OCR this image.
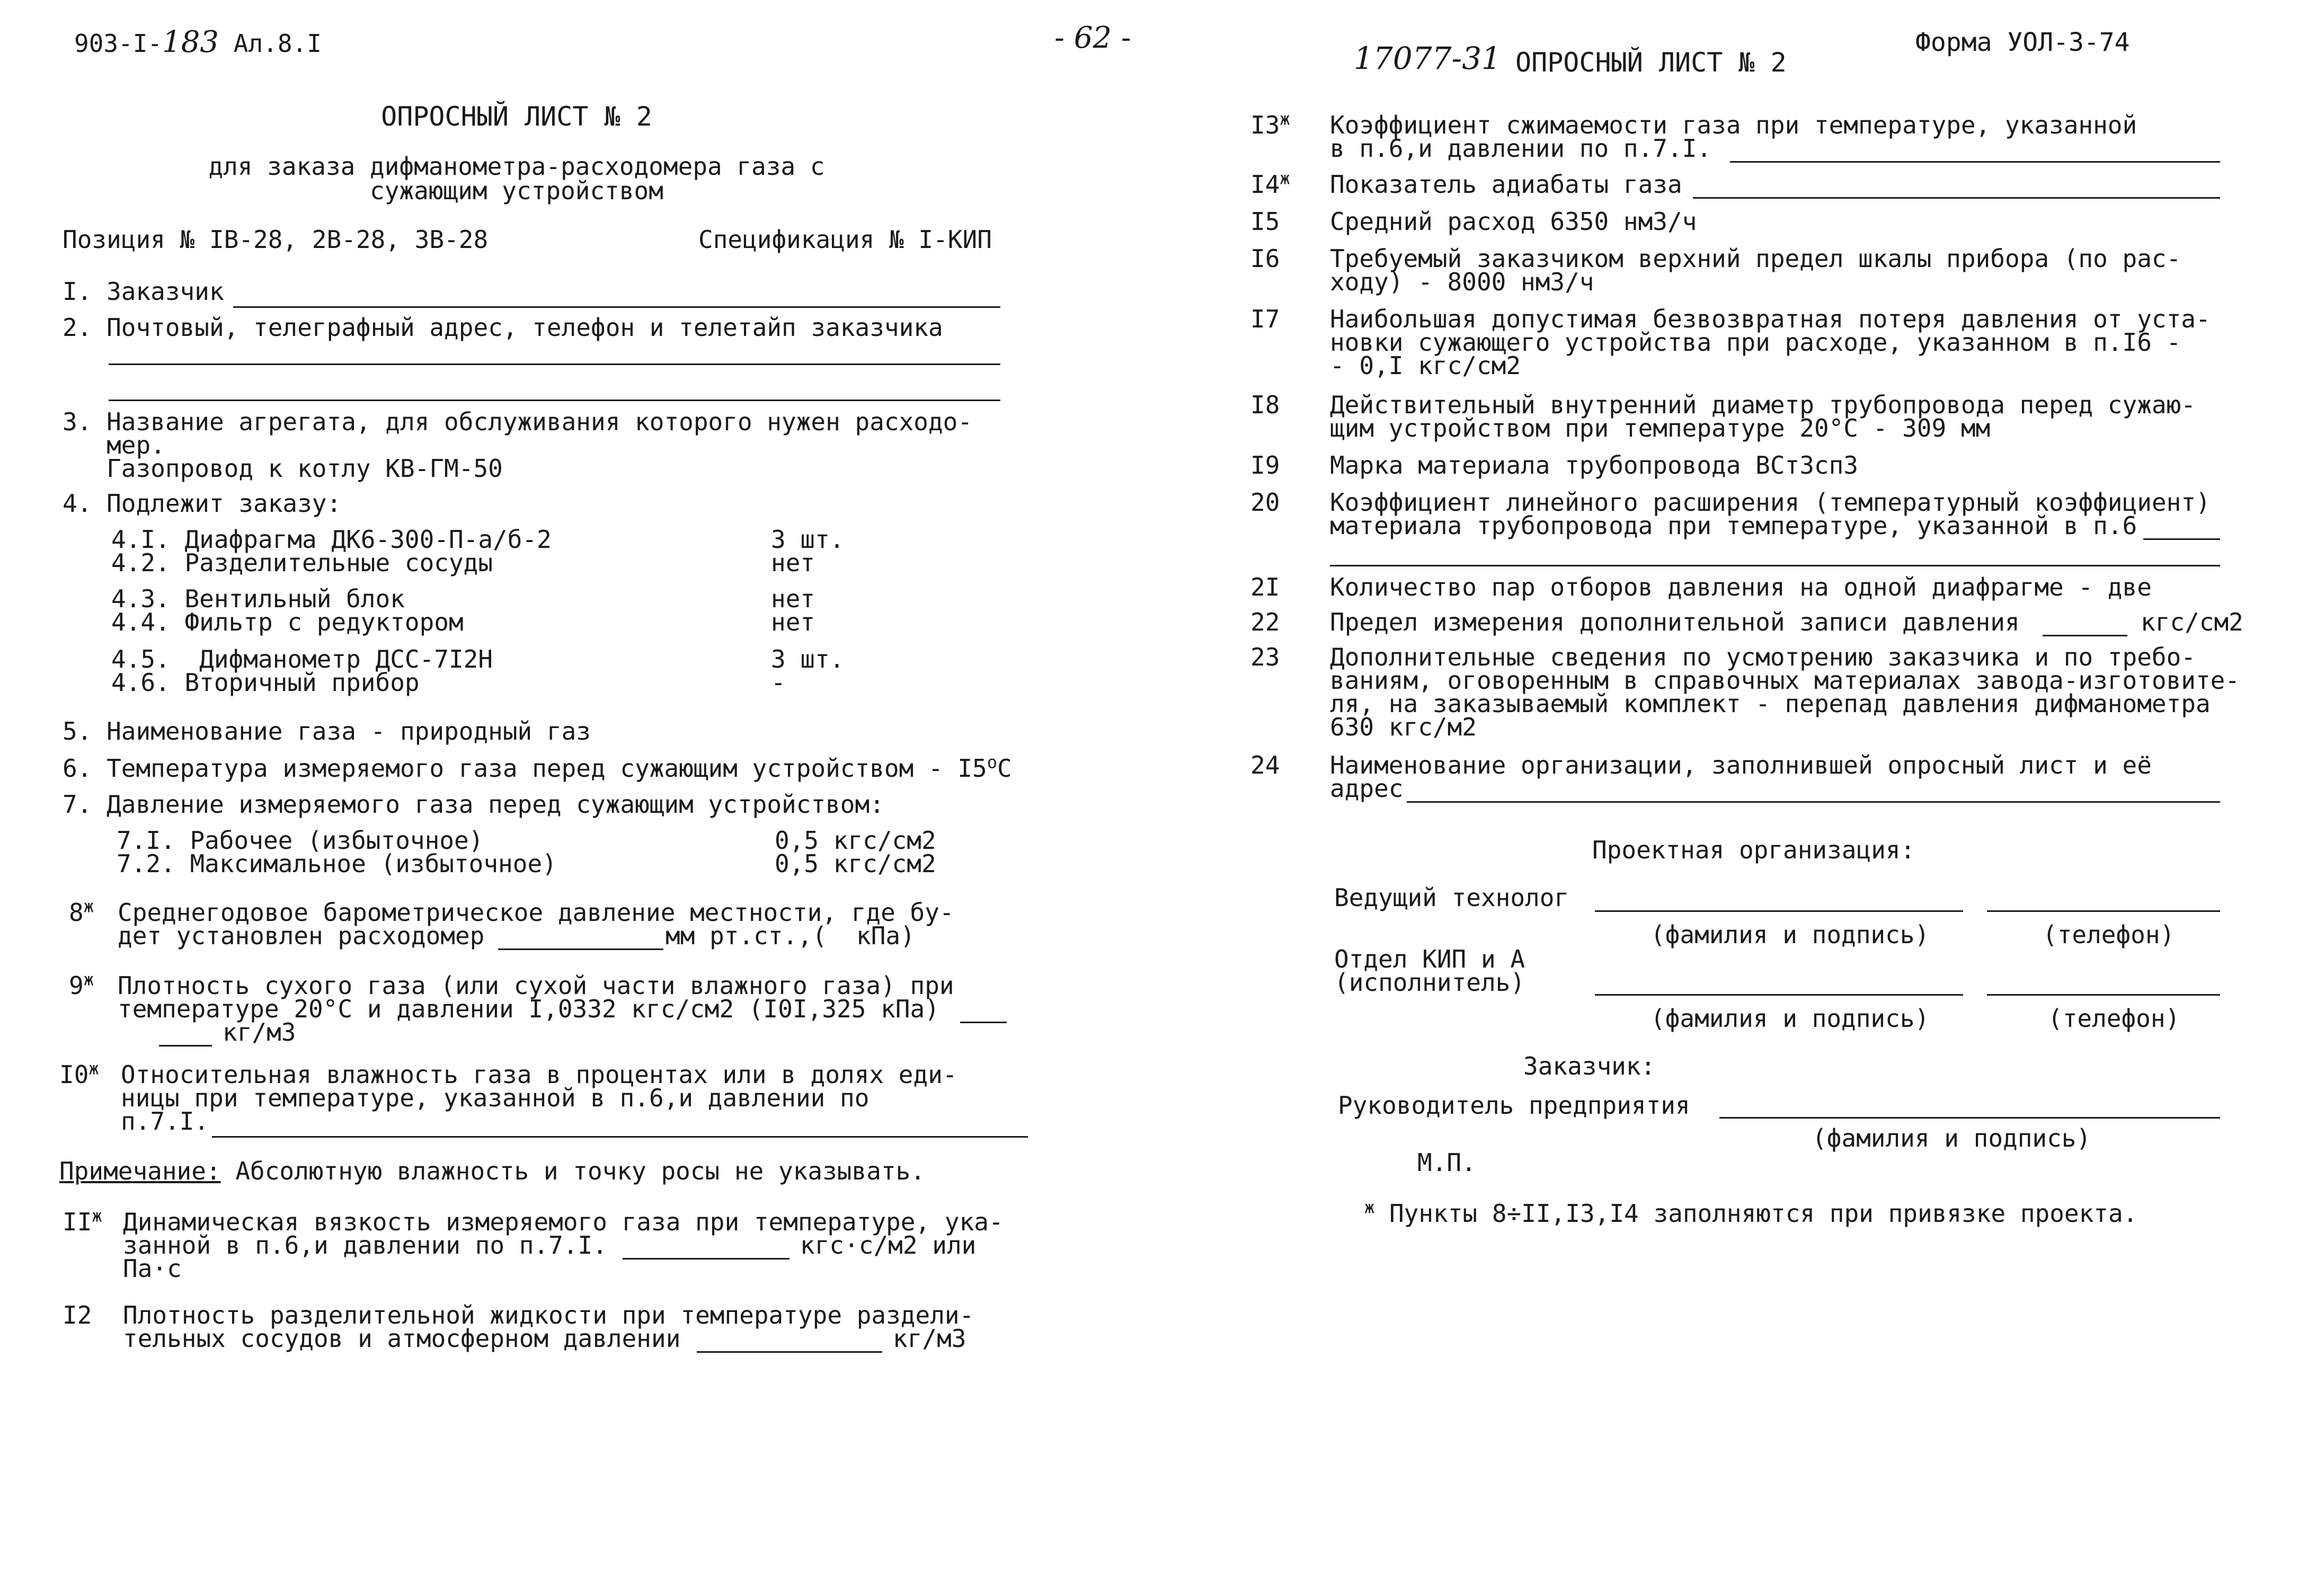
903-I-183 Ал.8.I
ОПРОСНЫЙ ЛИСТ № 2
для заказа дифманометра-расходомера газа с
сужающим устройством
Позиция № IВ-28, 2В-28, 3В-28	Спецификация № I-КИП
I. Заказчик
2. Почтовый, телеграфный адрес, телефон и телетайп заказчика
3. Название агрегата, для обслуживания которого нужен расходо-
мер.
Газопровод к котлу КВ-ГМ-50
4. Подлежит заказу:
4.I. Диафрагма ДК6-300-П-а/б-2	3 шт.
4.2. Разделительные сосуды	нет
4.3. Вентильный блок	нет
4.4. Фильтр с редуктором	нет
4.5.  Дифманометр ДСС-7I2Н	3 шт.
4.6. Вторичный прибор	-
5. Наименование газа - природный газ
6. Температура измеряемого газа перед сужающим устройством - $I5^оС$
7. Давление измеряемого газа перед сужающим устройством:
7.I. Рабочее (избыточное)	0,5 кгс/см2
7.2. Максимальное (избыточное)	0,5 кгс/см2
$8^ж$ Среднегодовое барометрическое давление местности, где бу-
дет установлен расходомер	мм рт.ст.,(  кПа)
$9^ж$ Плотность сухого газа (или сухой части влажного газа) при
температуре 20°С и давлении I,0332 кгс/см2 (I0I,325 кПа)
кг/м3
$I0^ж$ Относительная влажность газа в процентах или в долях еди-
ницы при температуре, указанной в п.6,и давлении по
п.7.I.
Примечание: Абсолютную влажность и точку росы не указывать.
$II^ж$ Динамическая вязкость измеряемого газа при температуре, ука-
занной в п.6,и давлении по п.7.I.	кгс·с/м2 или
Па·с
I2 Плотность разделительной жидкости при температуре раздели-
тельных сосудов и атмосферном давлении	кг/м3
- 62 -
17077-31 ОПРОСНЫЙ ЛИСТ № 2
Форма УОЛ-3-74
$I3^ж$ Коэффициент сжимаемости газа при температуре, указанной
в п.6,и давлении по п.7.I.
$I4^ж$ Показатель адиабаты газа
I5 Средний расход 6350 нм3/ч
I6 Требуемый заказчиком верхний предел шкалы прибора (по рас-
ходу) - 8000 нм3/ч
I7 Наибольшая допустимая безвозвратная потеря давления от уста-
новки сужающего устройства при расходе, указанном в п.I6 -
- 0,I кгс/см2
I8 Действительный внутренний диаметр трубопровода перед сужаю-
щим устройством при температуре 20°С - 309 мм
I9 Марка материала трубопровода ВСт3сп3
20 Коэффициент линейного расширения (температурный коэффициент)
материала трубопровода при температуре, указанной в п.6
2I Количество пар отборов давления на одной диафрагме - две
22 Предел измерения дополнительной записи давления	кгс/см2
23 Дополнительные сведения по усмотрению заказчика и по требо-
ваниям, оговоренным в справочных материалах завода-изготовите-
ля, на заказываемый комплект - перепад давления дифманометра
630 кгс/м2
24 Наименование организации, заполнившей опросный лист и её
адрес
Проектная организация:
Ведущий технолог
(фамилия и подпись)	(телефон)
Отдел КИП и А
(исполнитель)
(фамилия и подпись)	(телефон)
Заказчик:
Руководитель предприятия
(фамилия и подпись)
М.П.
$^ж$ Пункты 8÷II,I3,I4 заполняются при привязке проекта.
